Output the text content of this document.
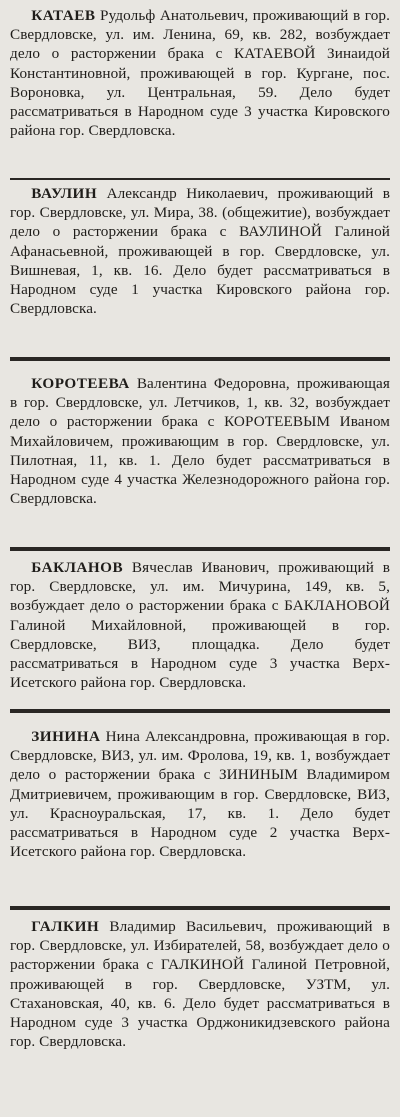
КАТАЕВ Рудольф Анатольевич, проживающий в гор. Свердловске, ул. им. Ленина, 69, кв. 282, возбуждает дело о расторжении брака с КАТАЕВОЙ Зинаидой Константиновной, проживающей в гор. Кургане, пос. Вороновка, ул. Центральная, 59. Дело будет рассматриваться в Народном суде 3 участка Кировского района гор. Свердловска.
ВАУЛИН Александр Николаевич, проживающий в гор. Свердловске, ул. Мира, 38. (общежитие), возбуждает дело о расторжении брака с ВАУЛИНОЙ Галиной Афанасьевной, проживающей в гор. Свердловске, ул. Вишневая, 1, кв. 16. Дело будет рассматриваться в Народном суде 1 участка Кировского района гор. Свердловска.
КОРОТЕЕВА Валентина Федоровна, проживающая в гор. Свердловске, ул. Летчиков, 1, кв. 32, возбуждает дело о расторжении брака с КОРОТЕЕВЫМ Иваном Михайловичем, проживающим в гор. Свердловске, ул. Пилотная, 11, кв. 1. Дело будет рассматриваться в Народном суде 4 участка Железнодорожного района гор. Свердловска.
БАКЛАНОВ Вячеслав Иванович, проживающий в гор. Свердловске, ул. им. Мичурина, 149, кв. 5, возбуждает дело о расторжении брака с БАКЛАНОВОЙ Галиной Михайловной, проживающей в гор. Свердловске, ВИЗ, площадка. Дело будет рассматриваться в Народном суде 3 участка Верх-Исетского района гор. Свердловска.
ЗИНИНА Нина Александровна, проживающая в гор. Свердловске, ВИЗ, ул. им. Фролова, 19, кв. 1, возбуждает дело о расторжении брака с ЗИНИНЫМ Владимиром Дмитриевичем, проживающим в гор. Свердловске, ВИЗ, ул. Красноуральская, 17, кв. 1. Дело будет рассматриваться в Народном суде 2 участка Верх-Исетского района гор. Свердловска.
ГАЛКИН Владимир Васильевич, проживающий в гор. Свердловске, ул. Избирателей, 58, возбуждает дело о расторжении брака с ГАЛКИНОЙ Галиной Петровной, проживающей в гор. Свердловске, УЗТМ, ул. Стахановская, 40, кв. 6. Дело будет рассматриваться в Народном суде 3 участка Орджоникидзевского района гор. Свердловска.
